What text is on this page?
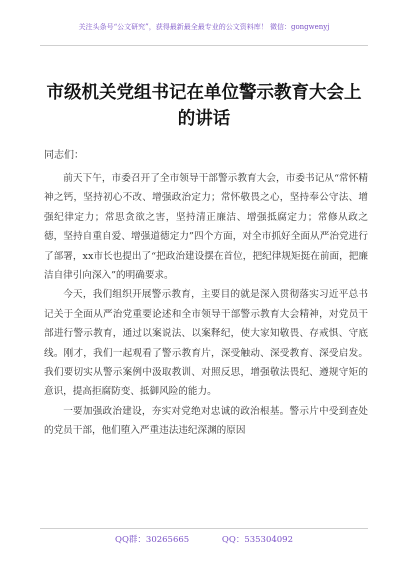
关注头条号“公文研究”，获得最新最全最专业的公文资料库！ 微信：gongwenyj
市级机关党组书记在单位警示教育大会上的讲话
同志们：

前天下午，市委召开了全市领导干部警示教育大会，市委书记从“常怀精神之钙，坚持初心不改、增强政治定力；常怀敬畏之心，坚持奉公守法、增强纪律定力；常思贪欲之害，坚持清正廉洁、增强抵腐定力；常修从政之德，坚持自重自爱、增强道德定力”四个方面，对全市抓好全面从严治党进行了部署，xx市长也提出了“把政治建设摆在首位，把纪律规矩挺在前面，把廉洁自律引向深入”的明确要求。

今天，我们组织开展警示教育，主要目的就是深入贯彻落实习近平总书记关于全面从严治党重要论述和全市领导干部警示教育大会精神，对党员干部进行警示教育，通过以案说法、以案释纪，使大家知敬畏、存戒惧、守底线。刚才，我们一起观看了警示教育片，深受触动、深受教育、深受启发。我们要切实从警示案例中汲取教训、对照反思，增强敬法畏纪、遵规守矩的意识，提高拒腐防变、抵御风险的能力。

一要加强政治建设，夯实对党绝对忠诚的政治根基。警示片中受到查处的党员干部，他们堕入严重违法违纪深渊的原因

QQ群：30265665	QQ：535304092
